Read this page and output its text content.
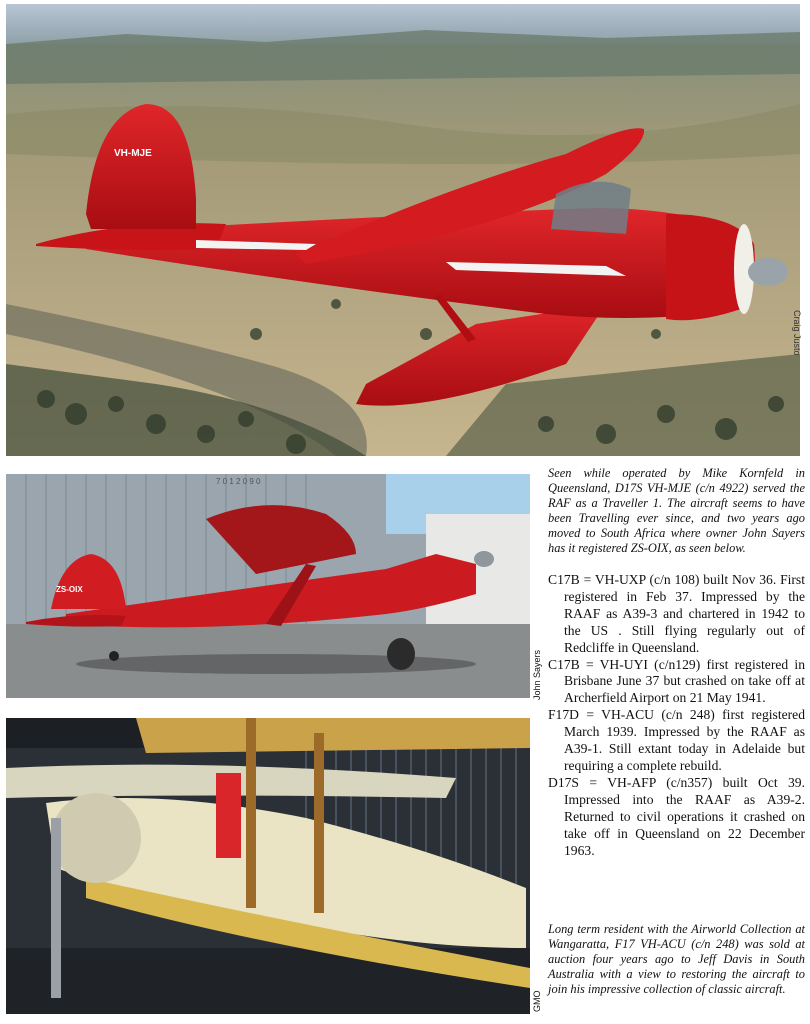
VH-MJE
Craig Justo
7 0 1 2 0 9 0
ZS-OIX
John Sayers
Seen while operated by Mike Kornfeld in Queensland, D17S VH-MJE (c/n 4922) served the RAF as a Traveller 1. The aircraft seems to have been Travelling ever since, and two years ago moved to South Africa where owner John Sayers has it registered ZS-OIX, as seen below.

C17B = VH-UXP (c/n 108) built Nov 36. First registered in Feb 37. Impressed by the RAAF as A39-3 and chartered in 1942 to the US . Still flying regularly out of Redcliffe in Queensland.

C17B = VH-UYI (c/n129) first registered in Brisbane June 37 but crashed on take off at Archerfield Airport on 21 May 1941.

F17D = VH-ACU (c/n 248) first registered March 1939. Impressed by the RAAF as A39-1. Still extant today in Adelaide but requiring a complete rebuild.

D17S = VH-AFP (c/n357) built Oct 39. Impressed into the RAAF as A39-2. Returned to civil operations it crashed on take off in Queensland on 22 December 1963.

GMO
Long term resident with the Airworld Collection at Wangaratta, F17 VH-ACU (c/n 248) was sold at auction four years ago to Jeff Davis in South Australia with a view to restoring the aircraft to join his impressive collection of classic aircraft.
